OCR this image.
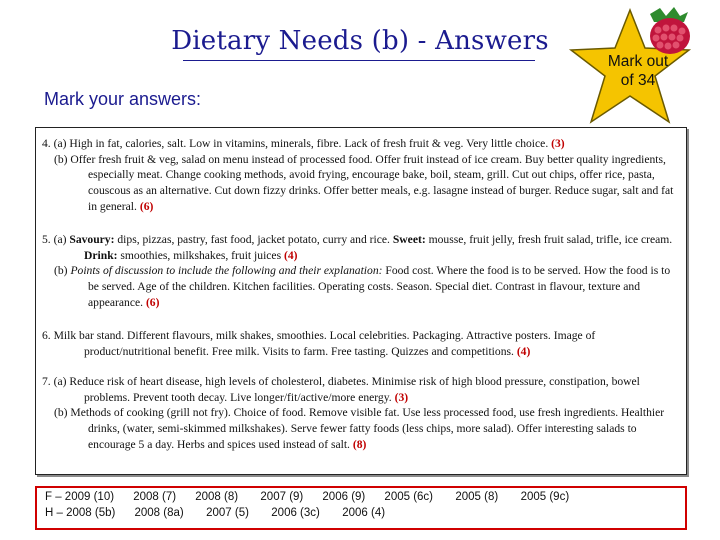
Dietary Needs (b) - Answers
Mark your answers:
Mark out
of 34

4. (a) High in fat, calories, salt. Low in vitamins, minerals, fibre. Lack of fresh fruit & veg. Very little choice. (3)

(b) Offer fresh fruit & veg, salad on menu instead of processed food. Offer fruit instead of ice cream. Buy better quality ingredients, especially meat. Change cooking methods, avoid frying, encourage bake, boil, steam, grill. Cut out chips, offer rice, pasta, couscous as an alternative. Cut down fizzy drinks. Offer better meals, e.g. lasagne instead of burger. Reduce sugar, salt and fat in general. (6)

5. (a) Savoury: dips, pizzas, pastry, fast food, jacket potato, curry and rice. Sweet: mousse, fruit jelly, fresh fruit salad, trifle, ice cream. Drink: smoothies, milkshakes, fruit juices (4)

(b) Points of discussion to include the following and their explanation: Food cost. Where the food is to be served. How the food is to be served. Age of the children. Kitchen facilities. Operating costs. Season. Special diet. Contrast in flavour, texture and appearance. (6)

6. Milk bar stand. Different flavours, milk shakes, smoothies. Local celebrities. Packaging. Attractive posters. Image of product/nutritional benefit. Free milk. Visits to farm. Free tasting. Quizzes and competitions. (4)

7. (a) Reduce risk of heart disease, high levels of cholesterol, diabetes. Minimise risk of high blood pressure, constipation, bowel problems. Prevent tooth decay. Live longer/fit/active/more energy. (3)

(b) Methods of cooking (grill not fry). Choice of food. Remove visible fat. Use less processed food, use fresh ingredients. Healthier drinks, (water, semi-skimmed milkshakes). Serve fewer fatty foods (less chips, more salad). Offer interesting salads to encourage 5 a day. Herbs and spices used instead of salt. (8)

F – 2009 (10)      2008 (7)      2008 (8)       2007 (9)      2006 (9)      2005 (6c)       2005 (8)       2005 (9c)
H – 2008 (5b)      2008 (8a)       2007 (5)       2006 (3c)       2006 (4)
